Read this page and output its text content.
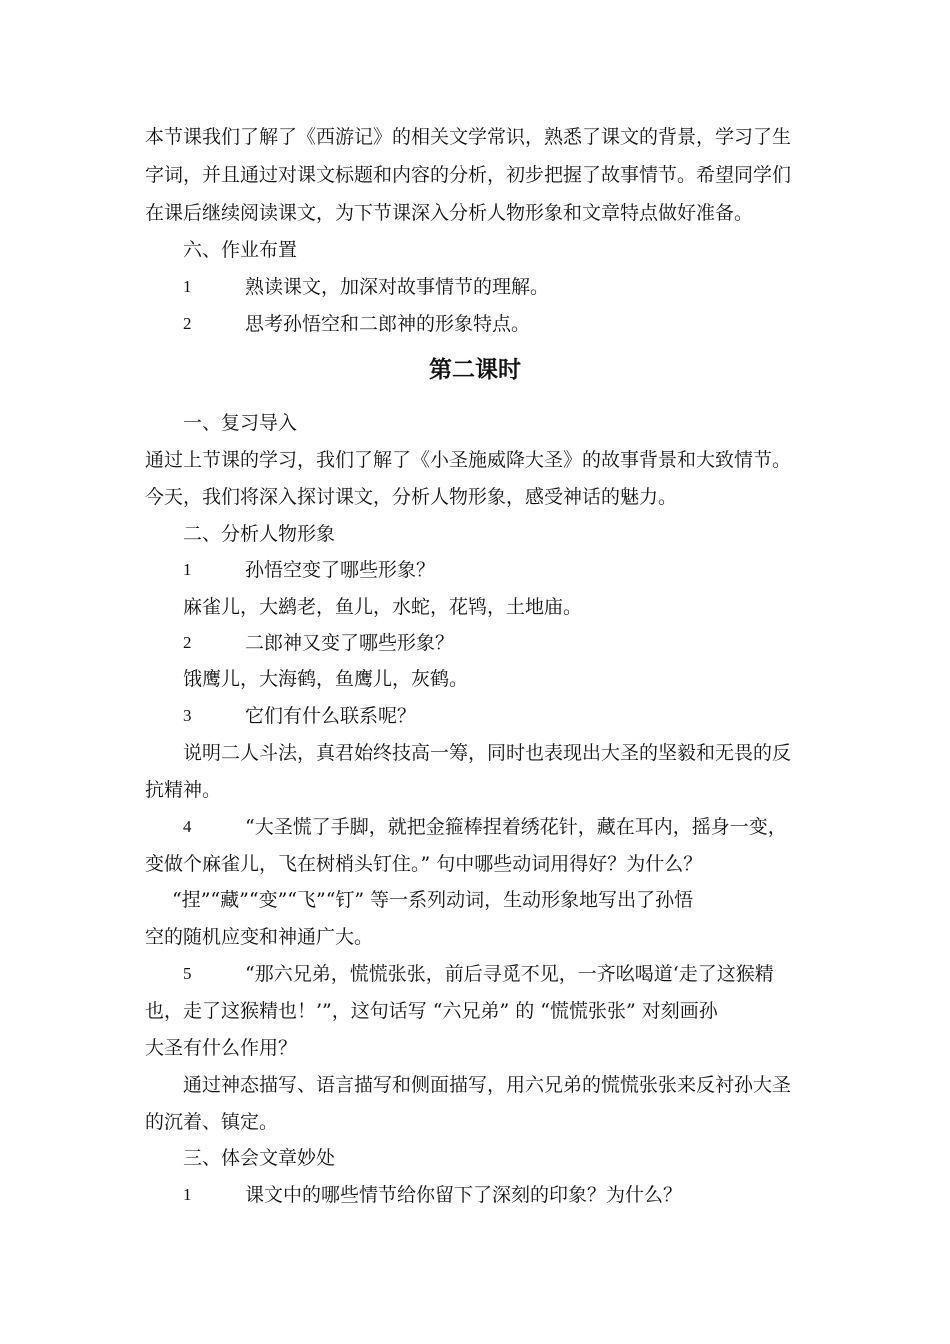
本节课我们了解了《西游记》的相关文学常识，熟悉了课文的背景，学习了生
字词，并且通过对课文标题和内容的分析，初步把握了故事情节。希望同学们
在课后继续阅读课文，为下节课深入分析人物形象和文章特点做好准备。
六、作业布置
1	熟读课文，加深对故事情节的理解。
2	思考孙悟空和二郎神的形象特点。
第二课时
一、复习导入
通过上节课的学习，我们了解了《小圣施威降大圣》的故事背景和大致情节。
今天，我们将深入探讨课文，分析人物形象，感受神话的魅力。
二、分析人物形象
1	孙悟空变了哪些形象？
麻雀儿，大鹚老，鱼儿，水蛇，花鸨，土地庙。
2	二郎神又变了哪些形象？
饿鹰儿，大海鹤，鱼鹰儿，灰鹤。
3	它们有什么联系呢？
说明二人斗法，真君始终技高一筹，同时也表现出大圣的坚毅和无畏的反
抗精神。
4	“大圣慌了手脚，就把金箍棒捏着绣花针，藏在耳内，摇身一变，
变做个麻雀儿，飞在树梢头钉住。” 句中哪些动词用得好？为什么？
“捏”“藏”“变”“飞”“钉” 等一系列动词，生动形象地写出了孙悟
空的随机应变和神通广大。
5	“那六兄弟，慌慌张张，前后寻觅不见，一齐吆喝道‘走了这猴精
也，走了这猴精也！’”，这句话写 “六兄弟” 的 “慌慌张张” 对刻画孙
大圣有什么作用？
通过神态描写、语言描写和侧面描写，用六兄弟的慌慌张张来反衬孙大圣
的沉着、镇定。
三、体会文章妙处
1	课文中的哪些情节给你留下了深刻的印象？为什么？
